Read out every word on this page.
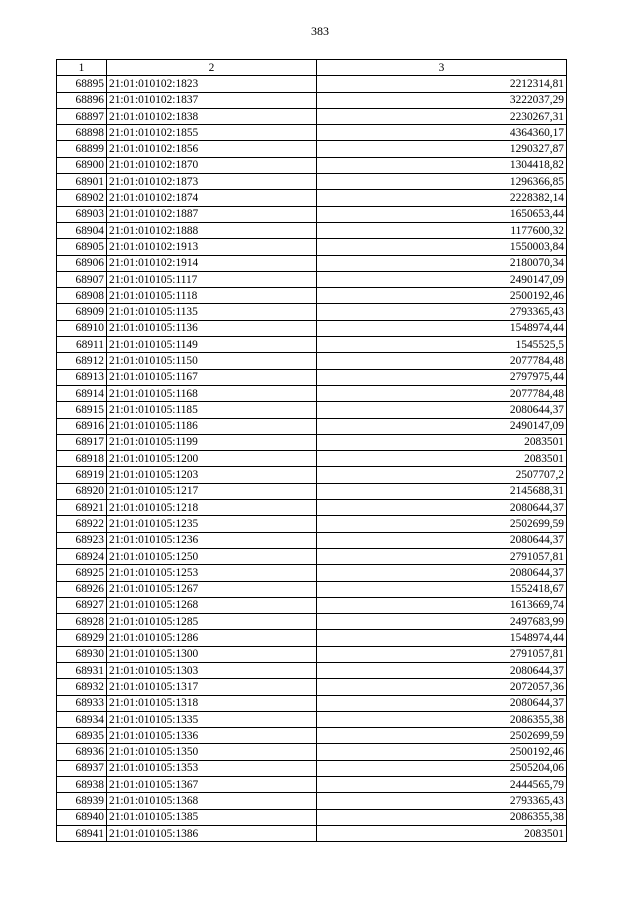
383
1	2	3
68895	21:01:010102:1823	2212314,81
68896	21:01:010102:1837	3222037,29
68897	21:01:010102:1838	2230267,31
68898	21:01:010102:1855	4364360,17
68899	21:01:010102:1856	1290327,87
68900	21:01:010102:1870	1304418,82
68901	21:01:010102:1873	1296366,85
68902	21:01:010102:1874	2228382,14
68903	21:01:010102:1887	1650653,44
68904	21:01:010102:1888	1177600,32
68905	21:01:010102:1913	1550003,84
68906	21:01:010102:1914	2180070,34
68907	21:01:010105:1117	2490147,09
68908	21:01:010105:1118	2500192,46
68909	21:01:010105:1135	2793365,43
68910	21:01:010105:1136	1548974,44
68911	21:01:010105:1149	1545525,5
68912	21:01:010105:1150	2077784,48
68913	21:01:010105:1167	2797975,44
68914	21:01:010105:1168	2077784,48
68915	21:01:010105:1185	2080644,37
68916	21:01:010105:1186	2490147,09
68917	21:01:010105:1199	2083501
68918	21:01:010105:1200	2083501
68919	21:01:010105:1203	2507707,2
68920	21:01:010105:1217	2145688,31
68921	21:01:010105:1218	2080644,37
68922	21:01:010105:1235	2502699,59
68923	21:01:010105:1236	2080644,37
68924	21:01:010105:1250	2791057,81
68925	21:01:010105:1253	2080644,37
68926	21:01:010105:1267	1552418,67
68927	21:01:010105:1268	1613669,74
68928	21:01:010105:1285	2497683,99
68929	21:01:010105:1286	1548974,44
68930	21:01:010105:1300	2791057,81
68931	21:01:010105:1303	2080644,37
68932	21:01:010105:1317	2072057,36
68933	21:01:010105:1318	2080644,37
68934	21:01:010105:1335	2086355,38
68935	21:01:010105:1336	2502699,59
68936	21:01:010105:1350	2500192,46
68937	21:01:010105:1353	2505204,06
68938	21:01:010105:1367	2444565,79
68939	21:01:010105:1368	2793365,43
68940	21:01:010105:1385	2086355,38
68941	21:01:010105:1386	2083501
